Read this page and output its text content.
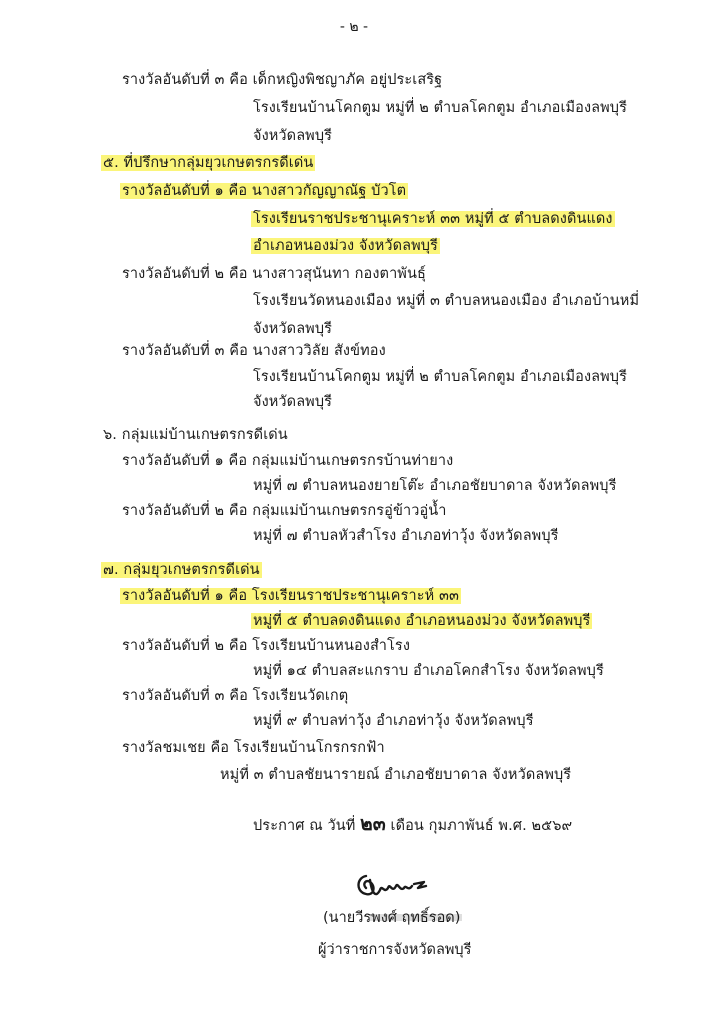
- ๒ -
รางวัลอันดับที่ ๓ คือ เด็กหญิงพิชญาภัค อยู่ประเสริฐ
โรงเรียนบ้านโคกตูม หมู่ที่ ๒ ตำบลโคกตูม อำเภอเมืองลพบุรี
จังหวัดลพบุรี
๕. ที่ปรึกษากลุ่มยุวเกษตรกรดีเด่น
รางวัลอันดับที่ ๑ คือ นางสาวกัญญาณัฐ บัวโต
โรงเรียนราชประชานุเคราะห์ ๓๓ หมู่ที่ ๕ ตำบลดงดินแดง
อำเภอหนองม่วง จังหวัดลพบุรี
รางวัลอันดับที่ ๒ คือ นางสาวสุนันทา กองตาพันธุ์
โรงเรียนวัดหนองเมือง หมู่ที่ ๓ ตำบลหนองเมือง อำเภอบ้านหมี่
จังหวัดลพบุรี
รางวัลอันดับที่ ๓ คือ นางสาววิลัย สังข์ทอง
โรงเรียนบ้านโคกตูม หมู่ที่ ๒ ตำบลโคกตูม อำเภอเมืองลพบุรี
จังหวัดลพบุรี
๖. กลุ่มแม่บ้านเกษตรกรดีเด่น
รางวัลอันดับที่ ๑ คือ กลุ่มแม่บ้านเกษตรกรบ้านท่ายาง
หมู่ที่ ๗ ตำบลหนองยายโต๊ะ อำเภอชัยบาดาล จังหวัดลพบุรี
รางวัลอันดับที่ ๒ คือ กลุ่มแม่บ้านเกษตรกรอู่ข้าวอู่น้ำ
หมู่ที่ ๗ ตำบลหัวสำโรง อำเภอท่าวุ้ง จังหวัดลพบุรี
๗. กลุ่มยุวเกษตรกรดีเด่น
รางวัลอันดับที่ ๑ คือ โรงเรียนราชประชานุเคราะห์ ๓๓
หมู่ที่ ๕ ตำบลดงดินแดง อำเภอหนองม่วง จังหวัดลพบุรี
รางวัลอันดับที่ ๒ คือ โรงเรียนบ้านหนองสำโรง
หมู่ที่ ๑๔ ตำบลสะแกราบ อำเภอโคกสำโรง จังหวัดลพบุรี
รางวัลอันดับที่ ๓ คือ โรงเรียนวัดเกตุ
หมู่ที่ ๙ ตำบลท่าวุ้ง อำเภอท่าวุ้ง จังหวัดลพบุรี
รางวัลชมเชย คือ โรงเรียนบ้านโกรกรกฟ้า
หมู่ที่ ๓ ตำบลชัยนารายณ์ อำเภอชัยบาดาล จังหวัดลพบุรี
ประกาศ ณ วันที่ ๒๓ เดือน กุมภาพันธ์ พ.ศ. ๒๕๖๙
(นายวีรพงศ์ ฤทธิ์รอด)
ผู้ว่าราชการจังหวัดลพบุรี
